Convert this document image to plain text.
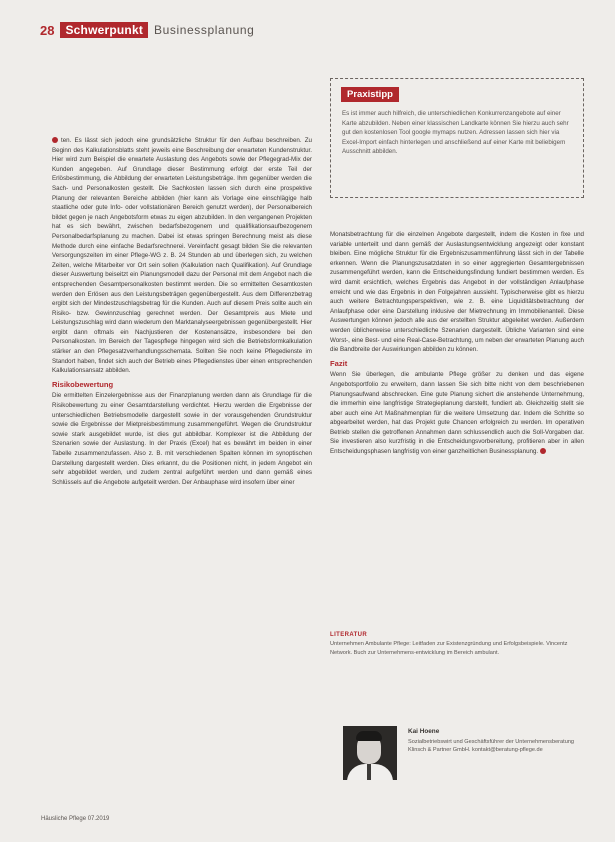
28 Schwerpunkt Businessplanung
Praxistipp
Es ist immer auch hilfreich, die unterschiedlichen Konkurrenzangebote auf einer Karte abzubilden. Neben einer klassischen Landkarte können Sie hierzu auch sehr gut den kostenlosen Tool google mymaps nutzen. Adressen lassen sich hier via Excel-Import einfach hinterlegen und anschließend auf einer Karte mit beliebigem Ausschnitt abbilden.

ten. Es lässt sich jedoch eine grundsätzliche Struktur für den Aufbau beschreiben. Zu Beginn des Kalkulationsblatts steht jeweils eine Beschreibung der erwarteten Kundenstruktur. Hier wird zum Beispiel die erwartete Auslastung des Angebots sowie der Pflegegrad-Mix der Kunden angegeben. Auf Grundlage dieser Bestimmung erfolgt der erste Teil der Erlösbestimmung, die Abbildung der erwarteten Leistungsbeträge. Ihm gegenüber werden die Sach- und Personalkosten gestellt. Die Sachkosten lassen sich durch eine prospektive Planung der relevanten Bereiche abbilden (hier kann als Vorlage eine einschlägige halb staatliche oder gute Info- oder vollstationären Bereich genutzt werden), der Personalbereich bildet gegen je nach Angebotsform etwas zu eigen abzubilden. In den vergangenen Projekten hat es sich bewährt, zwischen bedarfsbezogenem und qualifikationsaufbezogenem Personalbedarfsplanung zu machen. Dabei ist etwas springen Berechnung meist als diese Methode durch eine einfache Bedarfsrechnerei. Vereinfacht gesagt bilden Sie die relevanten Versorgungszeiten im einer Pflege-WG z. B. 24 Stunden ab und überlegen sich, zu welchen Zeiten, welche Mitarbeiter vor Ort sein sollen (Kalkulation nach Qualifikation). Auf Grundlage dieser Auswertung beiseitzt ein Planungsmodell dazu der Personal mit dem Angebot nach die entsprechenden Gesamtpersonalkosten bestimmt werden. Die so ermittelten Gesamtkosten werden den Erlösen aus den Leistungsbeträgen gegenübergestellt. Aus dem Differenzbetrag ergibt sich der Mindestzuschlagsbetrag für die Kunden. Auch auf diesem Preis sollte auch ein Risiko- bzw. Gewinnzuschlag gerechnet werden. Der Gesamtpreis aus Miete und Leistungszuschlag wird dann wiederum den Marktanalyseergebnissen gegenübergestellt. Hier ergibt dann oftmals ein Nachjustieren der Kostenansätze, insbesondere bei den Personalkosten. Im Bereich der Tagespflege hingegen wird sich die Betriebsformkalkulation stärker an den Pflegesatzverhandlungsschemata. Sollten Sie noch keine Pflegedienste im Standort haben, findet sich auch der Betrieb eines Pflegedienstes über einen entsprechenden Kalkulationsansatz abbilden.

Risikobewertung

Die ermittelten Einzelergebnisse aus der Finanzplanung werden dann als Grundlage für die Risikobewertung zu einer Gesamtdarstellung verdichtet. Hierzu werden die Ergebnisse der unterschiedlichen Betriebsmodelle dargestellt sowie in der vorausgehenden Grundstruktur sowie die Ergebnisse der Mietpreisbestimmung zusammengeführt. Wegen die Grundstruktur sowie stark ausgebildet wurde, ist dies gut abbildbar. Komplexer ist die Abbildung der Szenarien sowie der Auslastung. In der Praxis (Excel) hat es bewährt im beiden in einer Tabelle zusammenzufassen. Also z. B. mit verschiedenen Spalten können im synoptischen Darstellung dargestellt werden. Dies erkannt, du die Positionen nicht, in jedem Angebot ein sehr abgebildet werden, und zudem zentral aufgeführt werden und dann gemäß eines Schlüssels auf die Angebote aufgeteilt werden. Der Anbauphase wird insofern über einer

Monatsbetrachtung für die einzelnen Angebote dargestellt, indem die Kosten in fixe und variable unterteilt und dann gemäß der Auslastungsentwicklung angezeigt oder konstant bleiben. Eine mögliche Struktur für die Ergebniszusammenführung lässt sich in der Tabelle erkennen. Wenn die Planungszusatzdaten in so einer aggregierten Gesamtergebnissen zusammengeführt werden, kann die Entscheidungsfindung fundiert bestimmen werden. Es wird damit ersichtlich, welches Ergebnis das Angebot in der vollständigen Anlaufphase erreicht und wie das Ergebnis in den Folgejahren aussieht. Typischerweise gibt es hierzu auch weitere Betrachtungsperspektiven, wie z. B. eine Liquiditätsbetrachtung der Anlaufphase oder eine Darstellung inklusive der Mietrechnung im Immobilienanteil. Diese Auswertungen können jedoch alle aus der erstellten Struktur abgeleitet werden. Außerdem werden üblicherweise unterschiedliche Szenarien dargestellt. Übliche Varianten sind eine Worst-, eine Best- und eine Real-Case-Betrachtung, um neben der erwarteten Planung auch die Bandbreite der Auswirkungen abbilden zu können.

Fazit

Wenn Sie überlegen, die ambulante Pflege größer zu denken und das eigene Angebotsportfolio zu erweitern, dann lassen Sie sich bitte nicht von dem beschriebenen Planungsaufwand abschrecken. Eine gute Planung sichert die anstehende Unternehmung, die immerhin eine langfristige Strategieplanung darstellt, fundiert ab. Gleichzeitig stellt sie aber auch eine Art Maßnahmenplan für die weitere Umsetzung dar. Indem die Schritte so abgearbeitet werden, hat das Projekt gute Chancen erfolgreich zu werden. Im operativen Betrieb stellen die getroffenen Annahmen dann schlussendlich auch die Soll-Vorgaben dar. Sie investieren also kurzfristig in die Entscheidungsvorbereitung, profitieren aber in allen Entscheidungsphasen langfristig von einer ganzheitlichen Businessplanung.

LITERATUR
Unternehmen Ambulante Pflege: Leitfaden zur Existenzgründung und Erfolgsbeispiele. Vincentz Network. Buch zur Unternehmens-entwicklung im Bereich ambulant.
Kai Hoene
Sozialbetriebswirt und Geschäftsführer der Unternehmensberatung Klinsch & Partner GmbH. kontakt@beratung-pflege.de
Häusliche Pflege 07.2019
